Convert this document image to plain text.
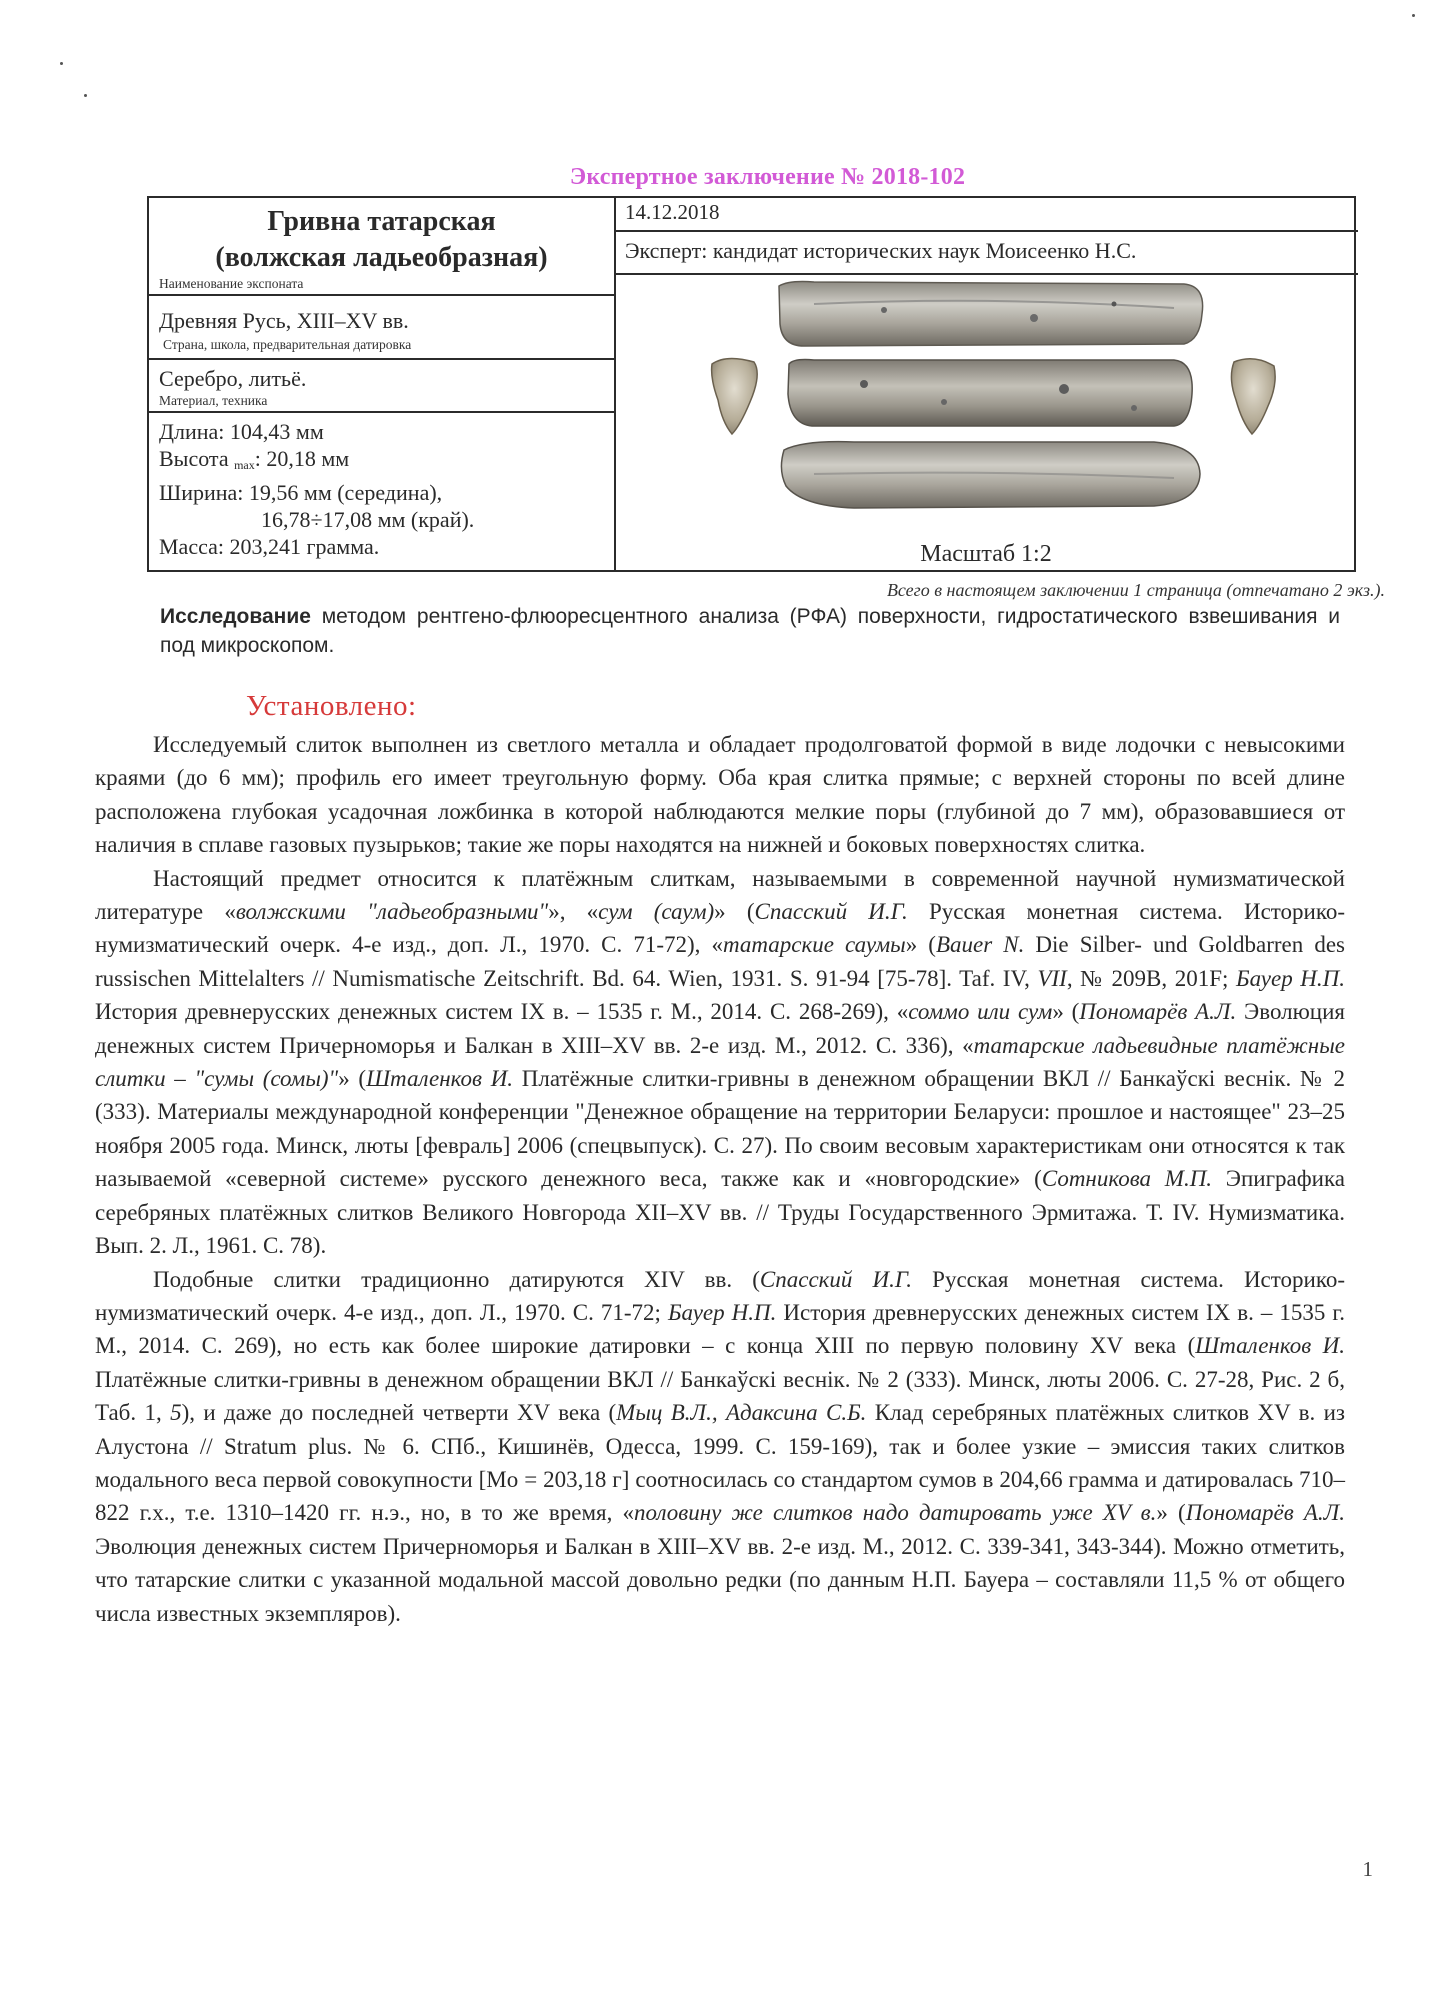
Экспертное заключение № 2018-102
Гривна татарская
(волжская ладьеобразная)
Наименование экспоната
Древняя Русь, XIII–XV вв.
Страна, школа, предварительная датировка
Серебро, литьё.
Материал, техника
Длина: 104,43 мм
Высота $_{max}$: 20,18 мм
Ширина: 19,56 мм (середина),
16,78÷17,08 мм (край).
Масса: 203,241 грамма.
14.12.2018
Эксперт: кандидат исторических наук Моисеенко Н.С.
Масштаб 1:2
Всего в настоящем заключении 1 страница (отпечатано 2 экз.).
Исследование методом рентгено-флюоресцентного анализа (РФА) поверхности, гидростатического взвешивания и под микроскопом.
Установлено:

Исследуемый слиток выполнен из светлого металла и обладает продолговатой формой в виде лодочки с невысокими краями (до 6 мм); профиль его имеет треугольную форму. Оба края слитка прямые; с верхней стороны по всей длине расположена глубокая усадочная ложбинка в которой наблюдаются мелкие поры (глубиной до 7 мм), образовавшиеся от наличия в сплаве газовых пузырьков; такие же поры находятся на нижней и боковых поверхностях слитка.

Настоящий предмет относится к платёжным слиткам, называемыми в современной научной нумизматической литературе «волжскими "ладьеобразными"», «сум (саум)» (Спасский И.Г. Русская монетная система. Историко-нумизматический очерк. 4-е изд., доп. Л., 1970. С. 71-72), «татарские саумы» (Bauer N. Die Silber- und Goldbarren des russischen Mittelalters // Numismatische Zeitschrift. Bd. 64. Wien, 1931. S. 91-94 [75-78]. Taf. IV, VII, № 209B, 201F; Бауер Н.П. История древнерусских денежных систем IX в. – 1535 г. М., 2014. С. 268-269), «соммо или сум» (Пономарёв А.Л. Эволюция денежных систем Причерноморья и Балкан в XIII–XV вв. 2-е изд. М., 2012. С. 336), «татарские ладьевидные платёжные слитки – "сумы (сомы)"» (Шталенков И. Платёжные слитки-гривны в денежном обращении ВКЛ // Банкаўскі веснік. № 2 (333). Материалы международной конференции "Денежное обращение на территории Беларуси: прошлое и настоящее" 23–25 ноября 2005 года. Минск, люты [февраль] 2006 (спецвыпуск). С. 27). По своим весовым характеристикам они относятся к так называемой «северной системе» русского денежного веса, также как и «новгородские» (Сотникова М.П. Эпиграфика серебряных платёжных слитков Великого Новгорода XII–XV вв. // Труды Государственного Эрмитажа. Т. IV. Нумизматика. Вып. 2. Л., 1961. С. 78).

Подобные слитки традиционно датируются XIV вв. (Спасский И.Г. Русская монетная система. Историко-нумизматический очерк. 4-е изд., доп. Л., 1970. С. 71-72; Бауер Н.П. История древнерусских денежных систем IX в. – 1535 г. М., 2014. С. 269), но есть как более широкие датировки – с конца XIII по первую половину XV века (Шталенков И. Платёжные слитки-гривны в денежном обращении ВКЛ // Банкаўскі веснік. № 2 (333). Минск, люты 2006. С. 27-28, Рис. 2 б, Таб. 1, 5), и даже до последней четверти XV века (Мыц В.Л., Адаксина С.Б. Клад серебряных платёжных слитков XV в. из Алустона // Stratum plus. № 6. СПб., Кишинёв, Одесса, 1999. С. 159-169), так и более узкие – эмиссия таких слитков модального веса первой совокупности [Mo = 203,18 г] соотносилась со стандартом сумов в 204,66 грамма и датировалась 710–822 г.х., т.е. 1310–1420 гг. н.э., но, в то же время, «половину же слитков надо датировать уже XV в.» (Пономарёв А.Л. Эволюция денежных систем Причерноморья и Балкан в XIII–XV вв. 2-е изд. М., 2012. С. 339-341, 343-344). Можно отметить, что татарские слитки с указанной модальной массой довольно редки (по данным Н.П. Бауера – составляли 11,5 % от общего числа известных экземпляров).

1
